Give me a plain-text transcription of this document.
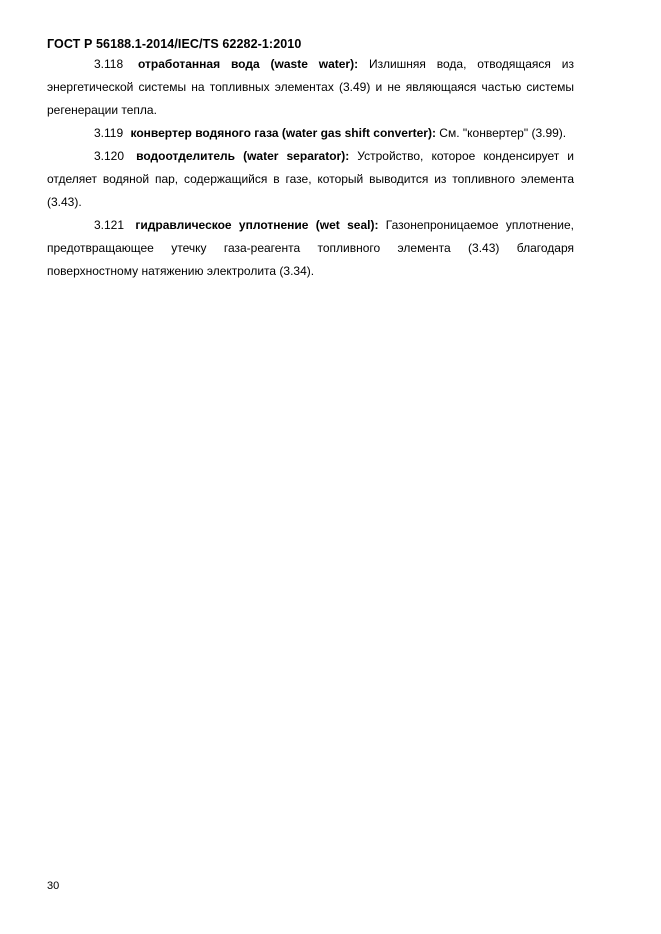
ГОСТ Р 56188.1-2014/IEC/TS 62282-1:2010

3.118 отработанная вода (waste water): Излишняя вода, отводящаяся из энергетической системы на топливных элементах (3.49) и не являющаяся частью системы регенерации тепла.

3.119 конвертер водяного газа (water gas shift converter): См. "конвертер" (3.99).

3.120 водоотделитель (water separator): Устройство, которое конденсирует и отделяет водяной пар, содержащийся в газе, который выводится из топливного элемента (3.43).

3.121 гидравлическое уплотнение (wet seal): Газонепроницаемое уплотнение, предотвращающее утечку газа-реагента топливного элемента (3.43) благодаря поверхностному натяжению электролита (3.34).

30
